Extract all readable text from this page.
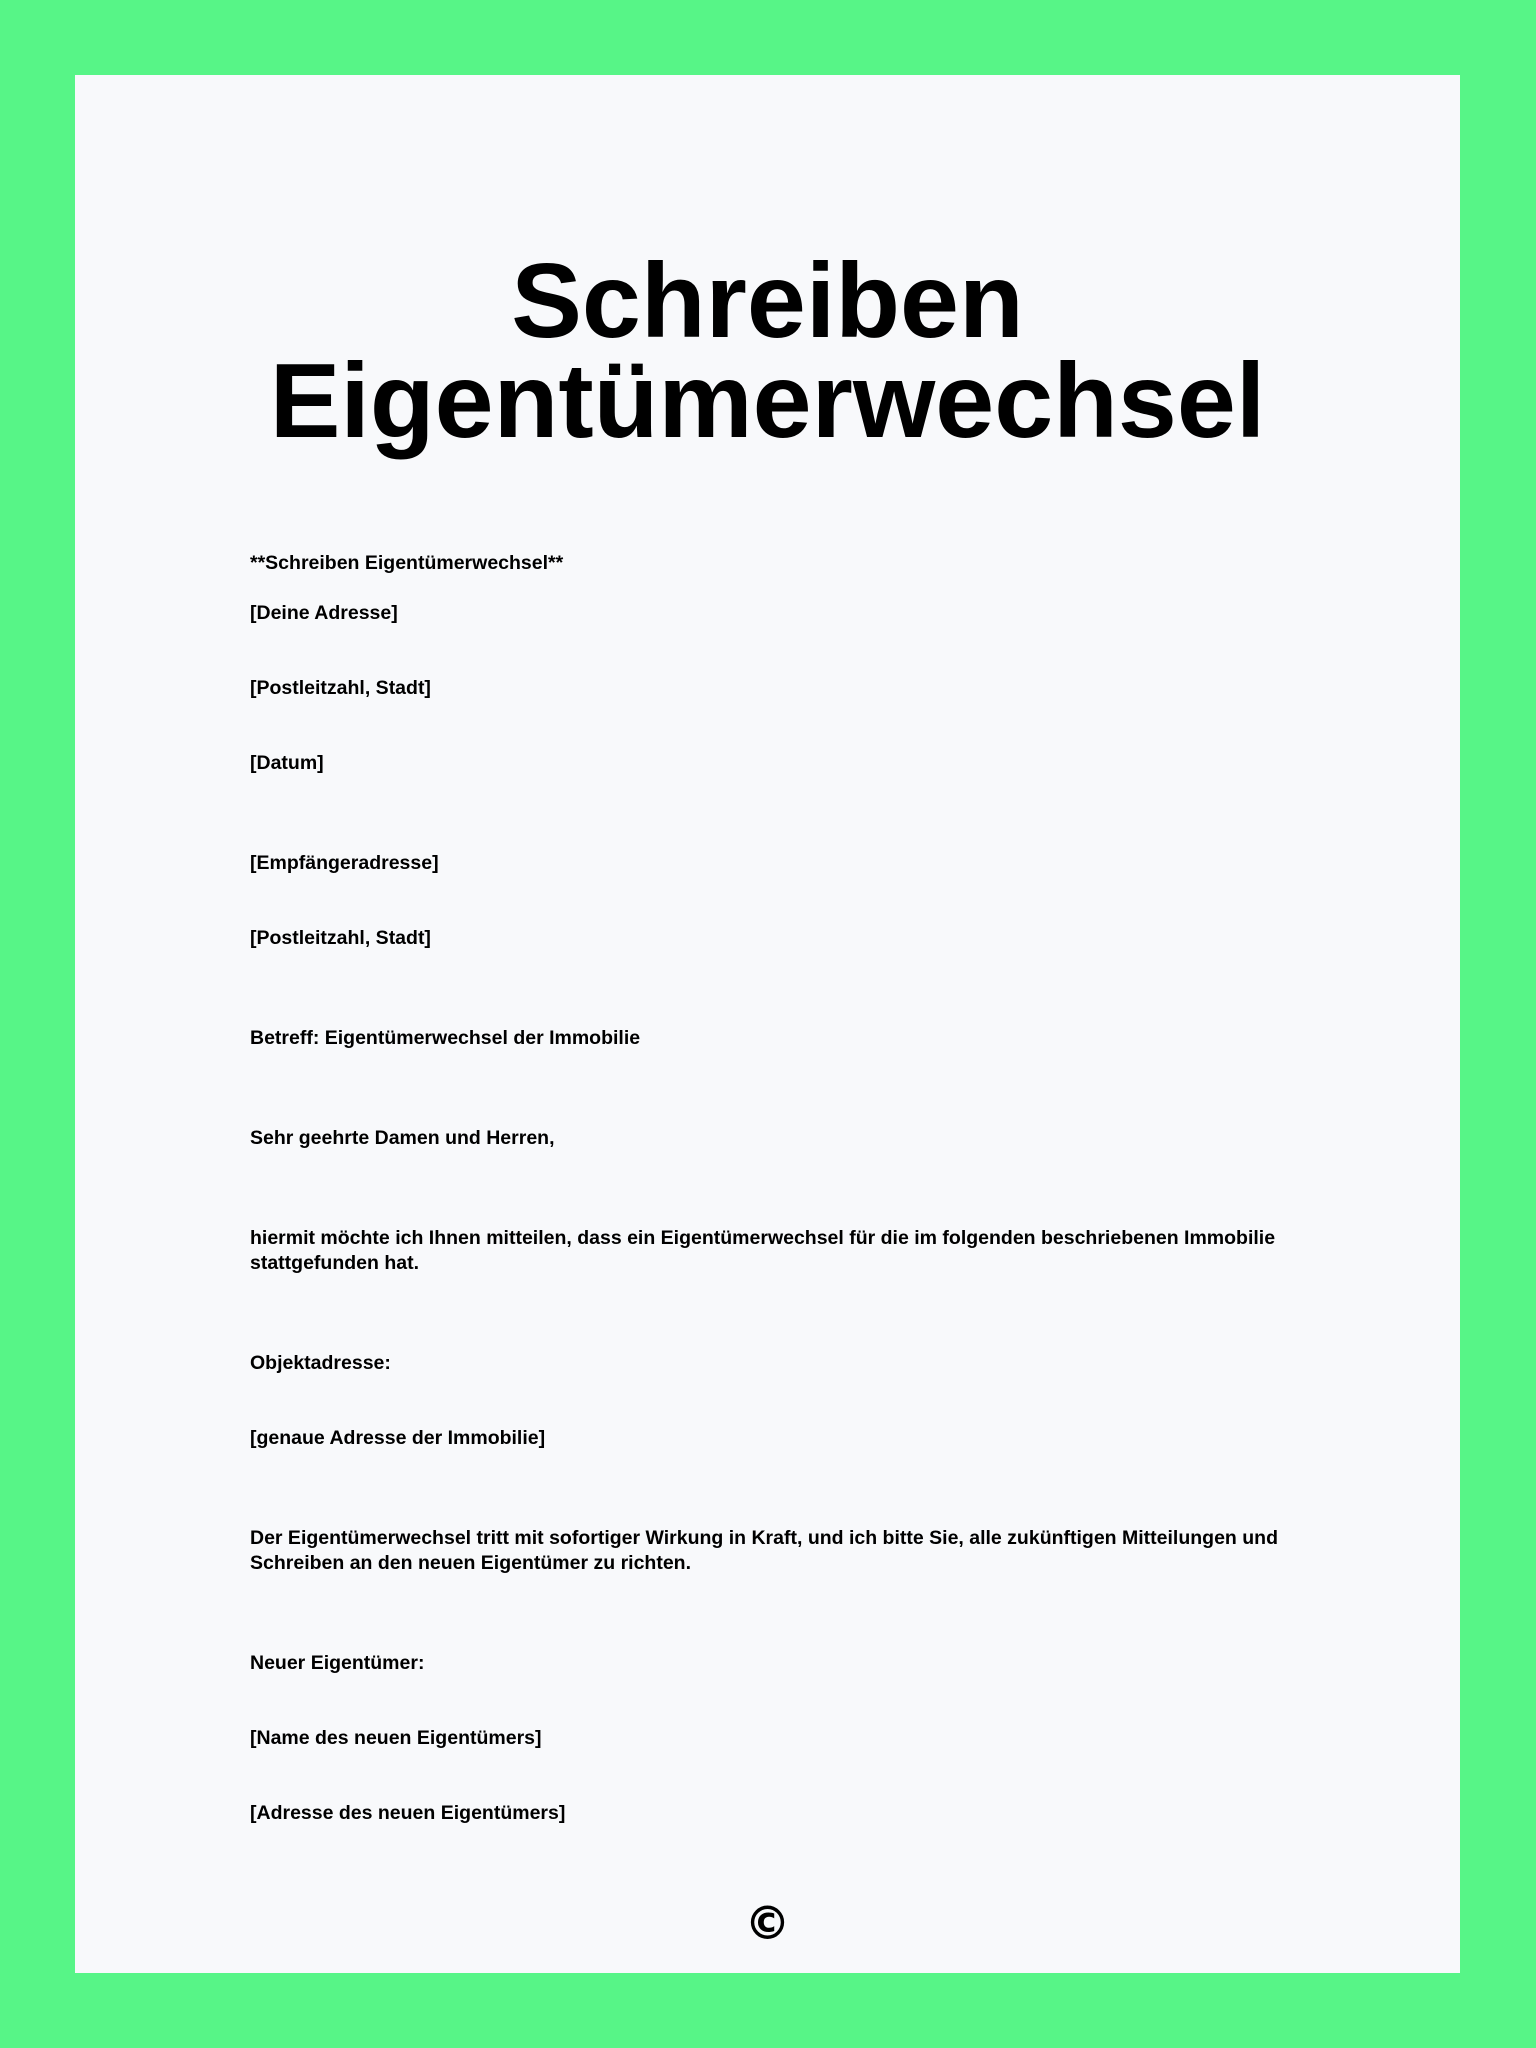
Schreiben
Eigentümerwechsel

**Schreiben Eigentümerwechsel**

[Deine Adresse]

[Postleitzahl, Stadt]

[Datum]

[Empfängeradresse]

[Postleitzahl, Stadt]

Betreff: Eigentümerwechsel der Immobilie

Sehr geehrte Damen und Herren,

hiermit möchte ich Ihnen mitteilen, dass ein Eigentümerwechsel für die im folgenden beschriebenen Immobilie stattgefunden hat.

Objektadresse:

[genaue Adresse der Immobilie]

Der Eigentümerwechsel tritt mit sofortiger Wirkung in Kraft, und ich bitte Sie, alle zukünftigen Mitteilungen und Schreiben an den neuen Eigentümer zu richten.

Neuer Eigentümer:

[Name des neuen Eigentümers]

[Adresse des neuen Eigentümers]

©
